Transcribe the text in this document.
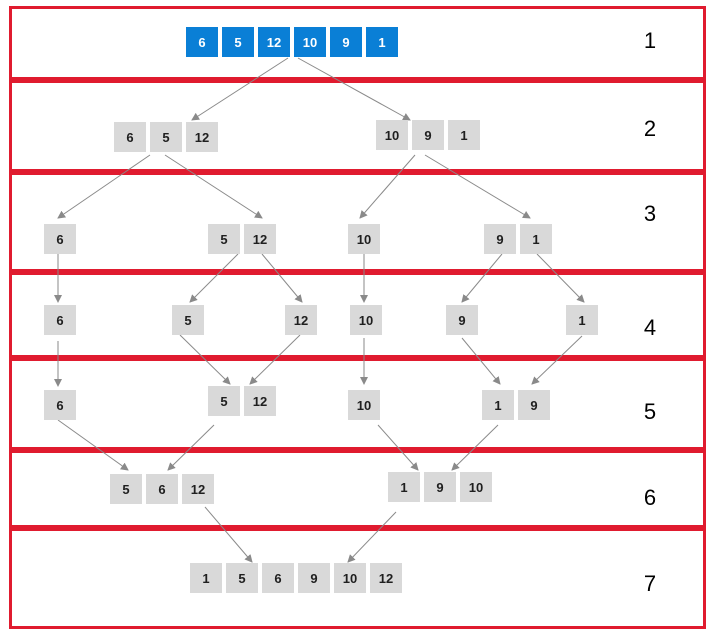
6	5	12	10	9	1
6	5	12	10	9	1
6	5	12	10	9	1
6	5	12	10	9	1
6	5	12	10	1	9
5	6	12	1	9	10
1	5	6	9	10	12
1
2
3
4
5
6
7
